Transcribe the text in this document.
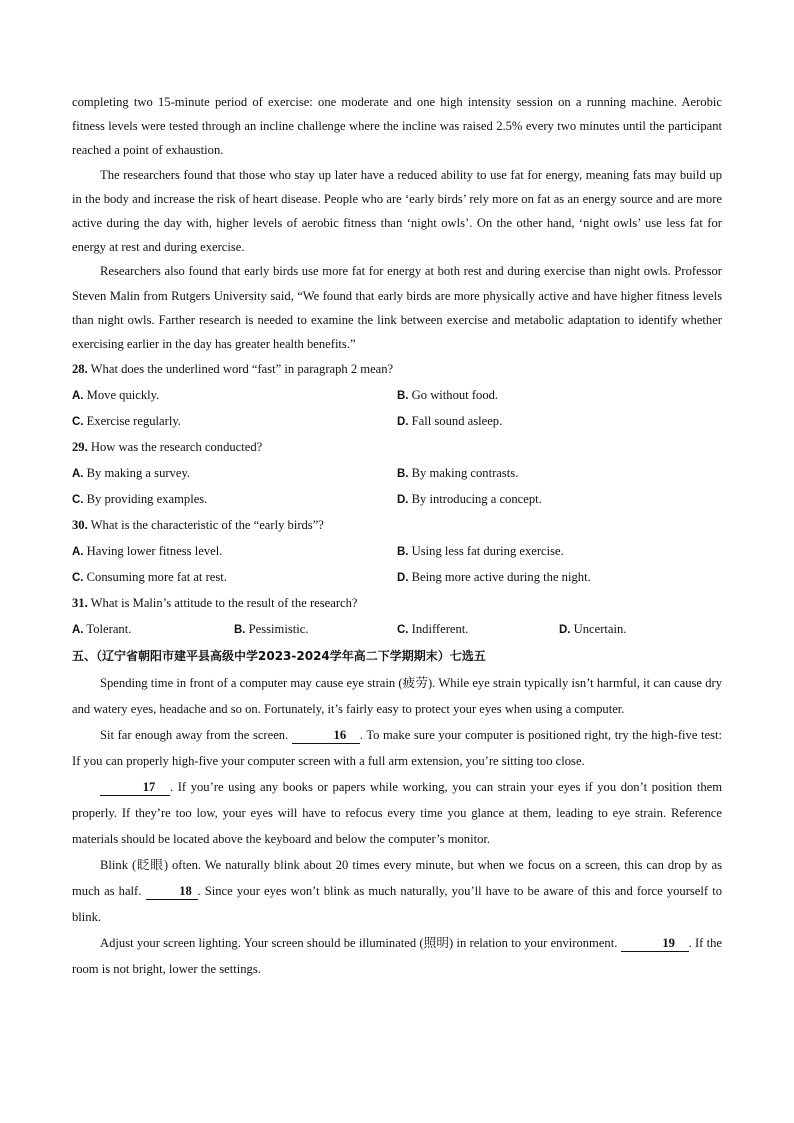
completing two 15-minute period of exercise: one moderate and one high intensity session on a running machine. Aerobic fitness levels were tested through an incline challenge where the incline was raised 2.5% every two minutes until the participant reached a point of exhaustion.

The researchers found that those who stay up later have a reduced ability to use fat for energy, meaning fats may build up in the body and increase the risk of heart disease. People who are ‘early birds’ rely more on fat as an energy source and are more active during the day with, higher levels of aerobic fitness than ‘night owls’. On the other hand, ‘night owls’ use less fat for energy at rest and during exercise.

Researchers also found that early birds use more fat for energy at both rest and during exercise than night owls. Professor Steven Malin from Rutgers University said, “We found that early birds are more physically active and have higher fitness levels than night owls. Farther research is needed to examine the link between exercise and metabolic adaptation to identify whether exercising earlier in the day has greater health benefits.”

28. What does the underlined word “fast” in paragraph 2 mean?
A. Move quickly.	B. Go without food.
C. Exercise regularly.	D. Fall sound asleep.
29. How was the research conducted?
A. By making a survey.	B. By making contrasts.
C. By providing examples.	D. By introducing a concept.
30. What is the characteristic of the “early birds”?
A. Having lower fitness level.	B. Using less fat during exercise.
C. Consuming more fat at rest.	D. Being more active during the night.
31. What is Malin’s attitude to the result of the research?
A. Tolerant.	B. Pessimistic.	C. Indifferent.	D. Uncertain.
五、（辽宁省朝阳市建平县高级中学2023-2024学年高二下学期期末）七选五

Spending time in front of a computer may cause eye strain (疲劳). While eye strain typically isn’t harmful, it can cause dry and watery eyes, headache and so on. Fortunately, it’s fairly easy to protect your eyes when using a computer.

Sit far enough away from the screen.	16 . To make sure your computer is positioned right, try the high-five test: If you can properly high-five your computer screen with a full arm extension, you’re sitting too close.

17 . If you’re using any books or papers while working, you can strain your eyes if you don’t position them properly. If they’re too low, your eyes will have to refocus every time you glance at them, leading to eye strain. Reference materials should be located above the keyboard and below the computer’s monitor.

Blink (眨眼) often. We naturally blink about 20 times every minute, but when we focus on a screen, this can drop by as much as half.	18 . Since your eyes won’t blink as much naturally, you’ll have to be aware of this and force yourself to blink.

Adjust your screen lighting. Your screen should be illuminated (照明) in relation to your environment.	19 . If the room is not bright, lower the settings.
